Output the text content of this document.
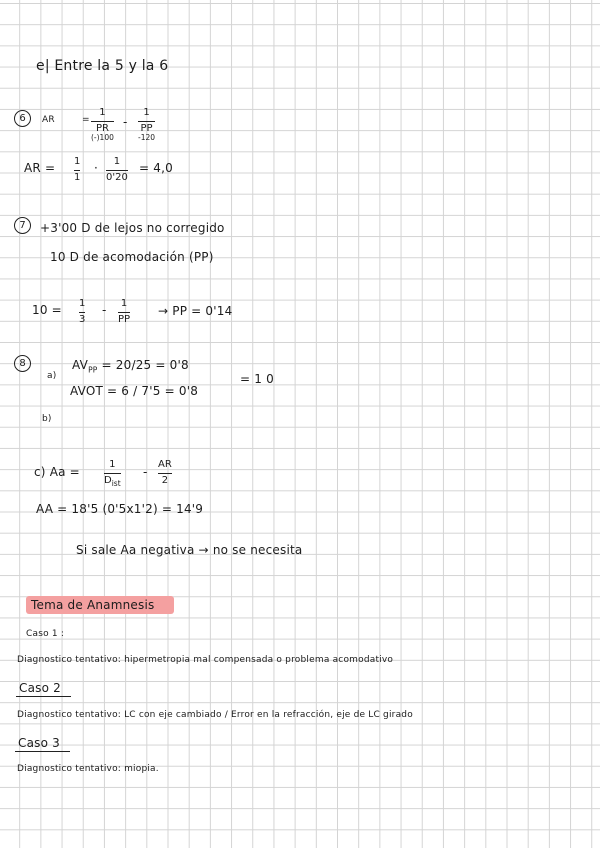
e| Entre la 5 y la 6
6 AR	=
1
PR
(-)100
-
1
PP
-120
AR = 1
1
· 1
0'20
= 4,0
7 +3'00 D de lejos no corregido
10 D de acomodación (PP)
10 = 1
3
- 1
PP
→ PP = 0'14
8
a)
$AV_{PP} = 20/25 = 0'8$
AVOT = 6 / 7'5 = 0'8
= 1 0
b)
c) Aa =
1
$D_{ist}$
-
AR
2
AA = 18'5 (0'5x1'2) = 14'9
Si sale Aa negativa → no se necesita
Tema de Anamnesis
Caso 1 :
Diagnostico tentativo: hipermetropia mal compensada o problema acomodativo
Caso 2
Diagnostico tentativo: LC con eje cambiado / Error en la refracción, eje de LC girado
Caso 3
Diagnostico tentativo: miopia.
